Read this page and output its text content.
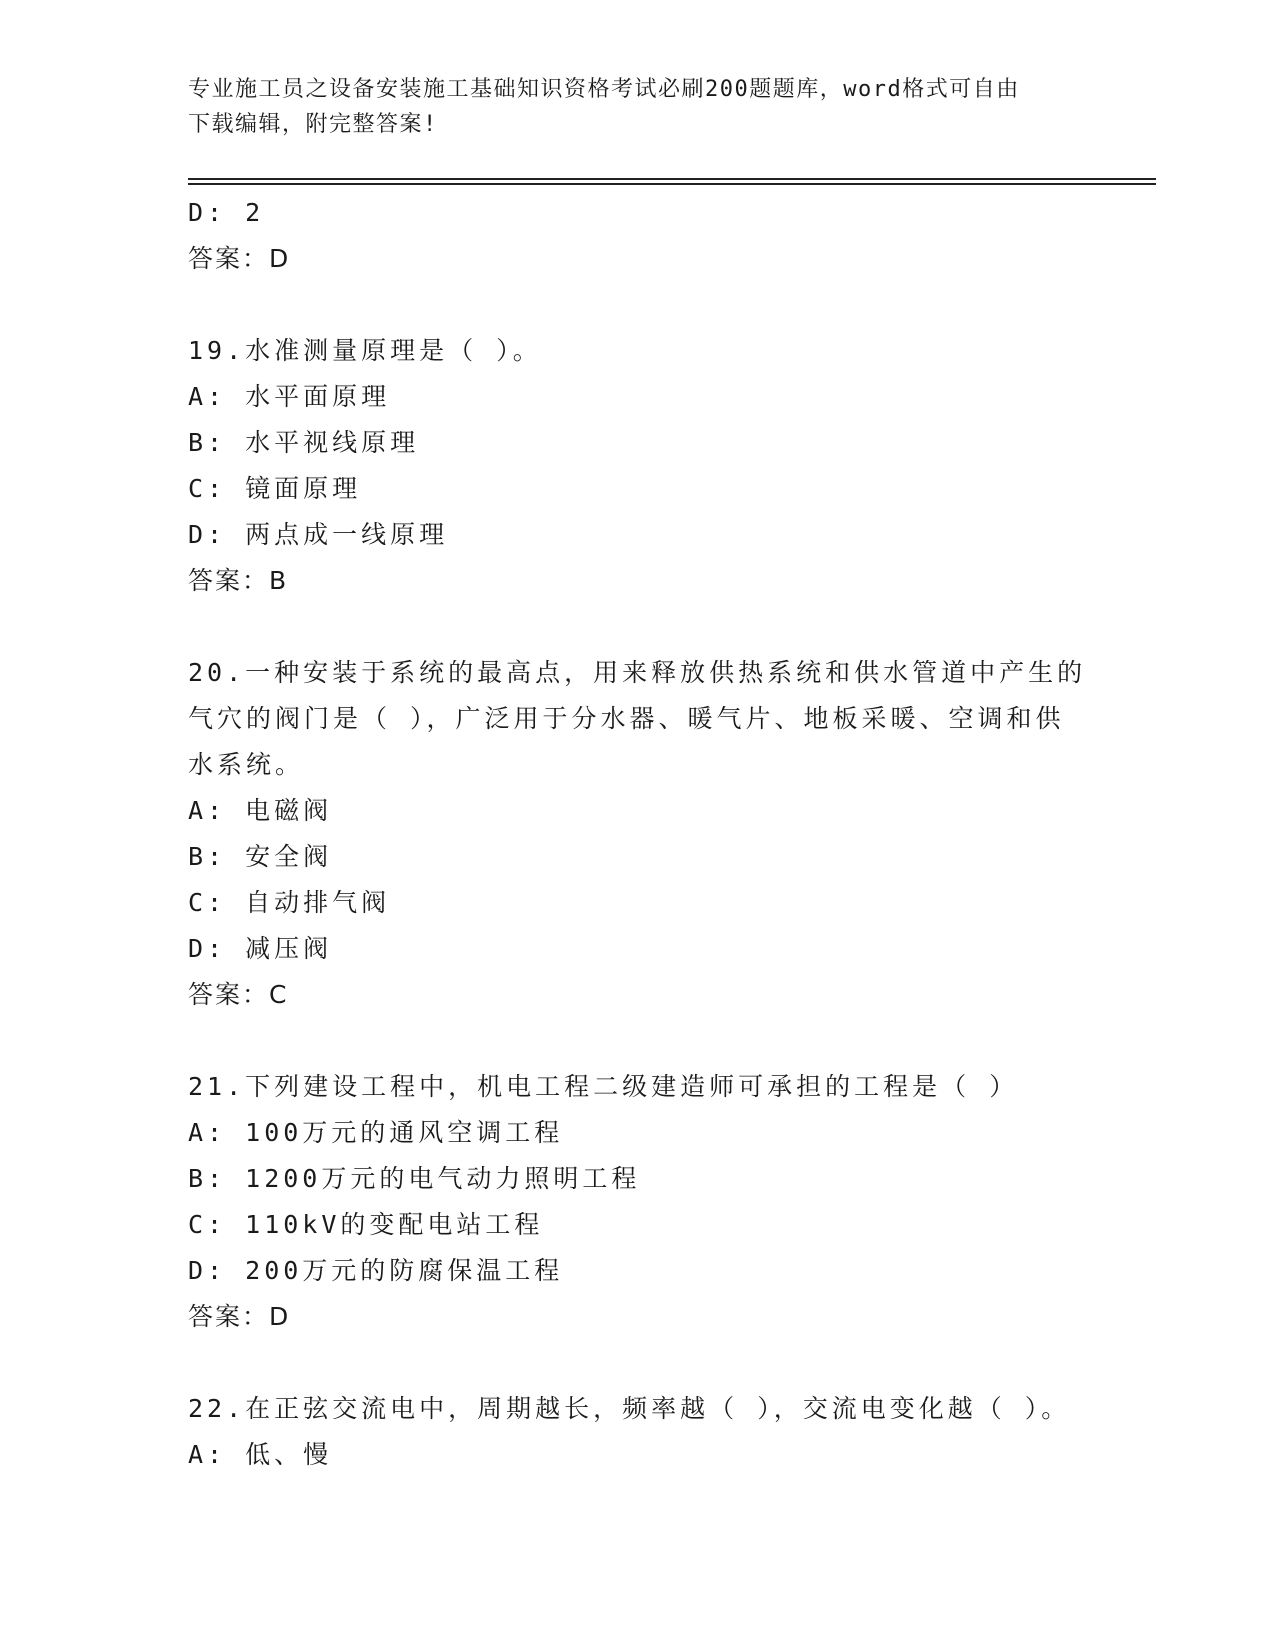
专业施工员之设备安装施工基础知识资格考试必刷200题题库，word格式可自由
下载编辑，附完整答案!
D: 2
答案：D
19.水准测量原理是（ ）。
A: 水平面原理
B: 水平视线原理
C: 镜面原理
D: 两点成一线原理
答案：B
20.一种安装于系统的最高点，用来释放供热系统和供水管道中产生的
气穴的阀门是（ ），广泛用于分水器、暖气片、地板采暖、空调和供
水系统。
A: 电磁阀
B: 安全阀
C: 自动排气阀
D: 减压阀
答案：C
21.下列建设工程中，机电工程二级建造师可承担的工程是（ ）
A: 100万元的通风空调工程
B: 1200万元的电气动力照明工程
C: 110kV的变配电站工程
D: 200万元的防腐保温工程
答案：D
22.在正弦交流电中，周期越长，频率越（ ），交流电变化越（ ）。
A: 低、慢
